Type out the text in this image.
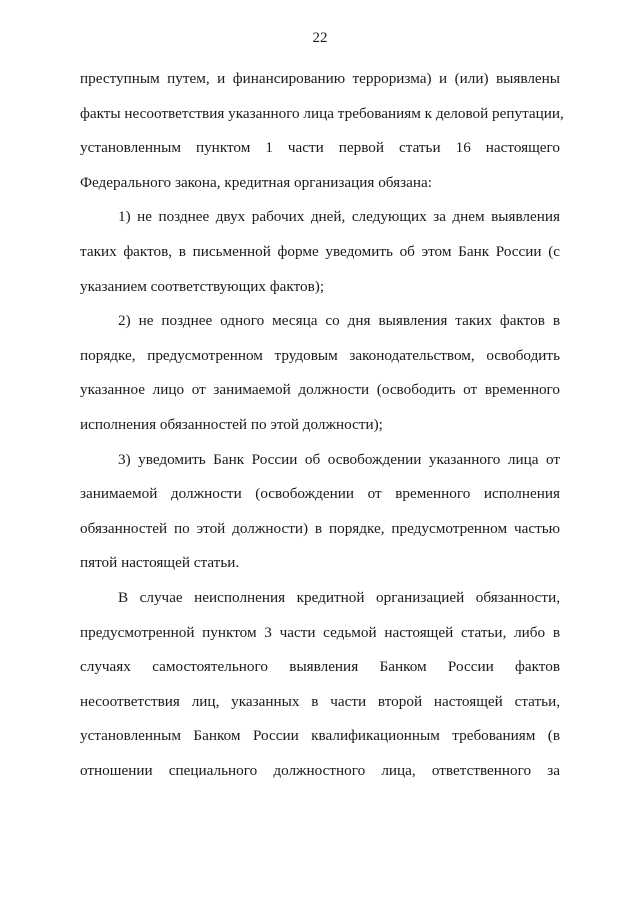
22
преступным путем, и финансированию терроризма) и (или) выявлены
факты несоответствия указанного лица требованиям к деловой репутации,
установленным пунктом 1 части первой статьи 16 настоящего
Федерального закона, кредитная организация обязана:
1) не позднее двух рабочих дней, следующих за днем выявления
таких фактов, в письменной форме уведомить об этом Банк России (с
указанием соответствующих фактов);
2) не позднее одного месяца со дня выявления таких фактов в
порядке, предусмотренном трудовым законодательством, освободить
указанное лицо от занимаемой должности (освободить от временного
исполнения обязанностей по этой должности);
3) уведомить Банк России об освобождении указанного лица от
занимаемой должности (освобождении от временного исполнения
обязанностей по этой должности) в порядке, предусмотренном частью
пятой настоящей статьи.
В случае неисполнения кредитной организацией обязанности,
предусмотренной пунктом 3 части седьмой настоящей статьи, либо в
случаях самостоятельного выявления Банком России фактов
несоответствия лиц, указанных в части второй настоящей статьи,
установленным Банком России квалификационным требованиям (в
отношении специального должностного лица, ответственного за
